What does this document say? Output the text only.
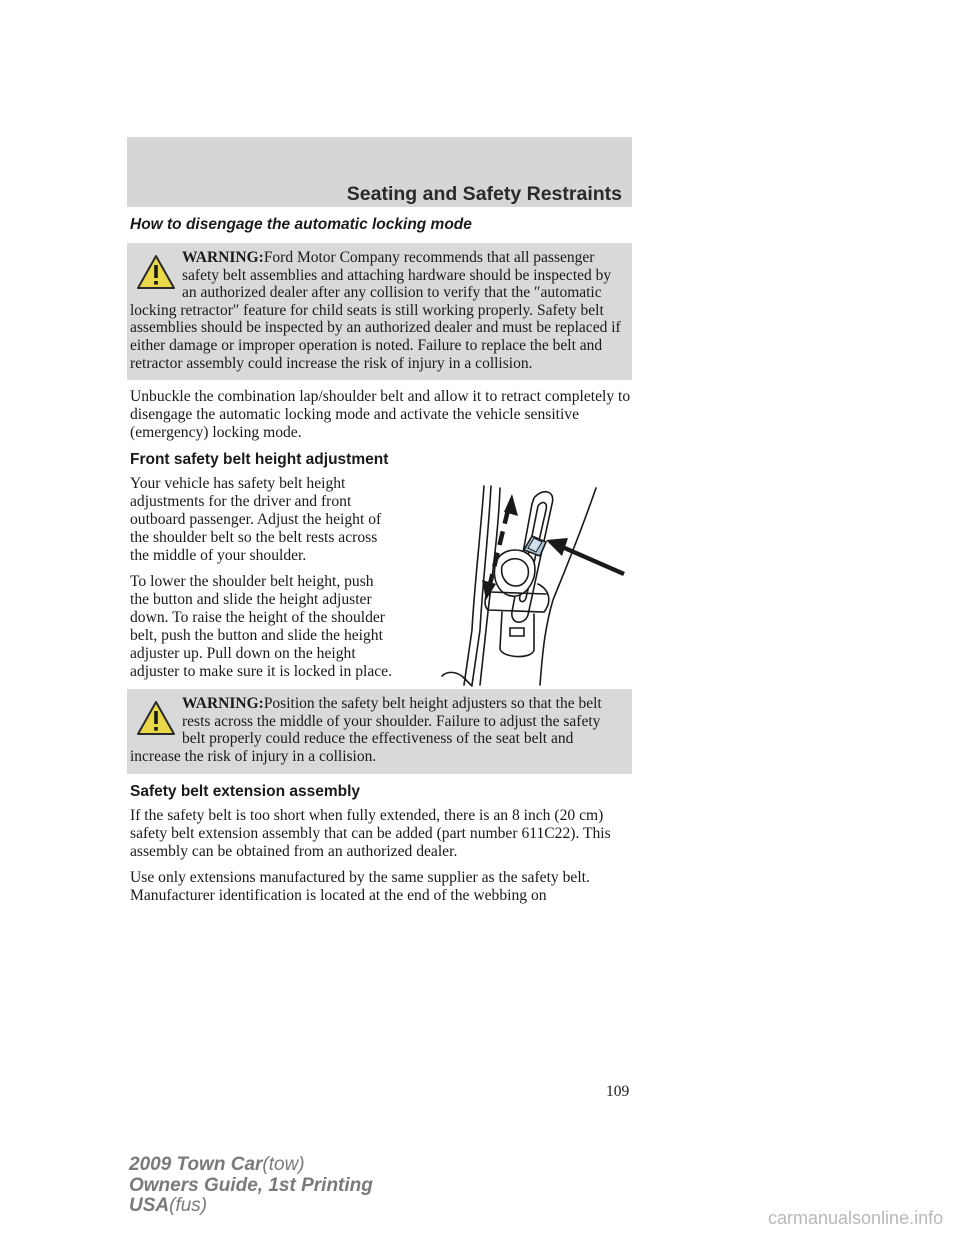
Seating and Safety Restraints
How to disengage the automatic locking mode

WARNING:Ford Motor Company recommends that all passenger safety belt assemblies and attaching hardware should be inspected by an authorized dealer after any collision to verify that the ″automatic locking retractor″ feature for child seats is still working properly. Safety belt assemblies should be inspected by an authorized dealer and must be replaced if either damage or improper operation is noted. Failure to replace the belt and retractor assembly could increase the risk of injury in a collision.

Unbuckle the combination lap/shoulder belt and allow it to retract completely to disengage the automatic locking mode and activate the vehicle sensitive (emergency) locking mode.

Front safety belt height adjustment

Your vehicle has safety belt height adjustments for the driver and front outboard passenger. Adjust the height of the shoulder belt so the belt rests across the middle of your shoulder.

To lower the shoulder belt height, push the button and slide the height adjuster down. To raise the height of the shoulder belt, push the button and slide the height adjuster up. Pull down on the height adjuster to make sure it is locked in place.

WARNING:Position the safety belt height adjusters so that the belt rests across the middle of your shoulder. Failure to adjust the safety belt properly could reduce the effectiveness of the seat belt and increase the risk of injury in a collision.

Safety belt extension assembly

If the safety belt is too short when fully extended, there is an 8 inch (20 cm) safety belt extension assembly that can be added (part number 611C22). This assembly can be obtained from an authorized dealer.

Use only extensions manufactured by the same supplier as the safety belt. Manufacturer identification is located at the end of the webbing on

109
2009 Town Car(tow)
Owners Guide, 1st Printing
USA(fus)
carmanualsonline.info
